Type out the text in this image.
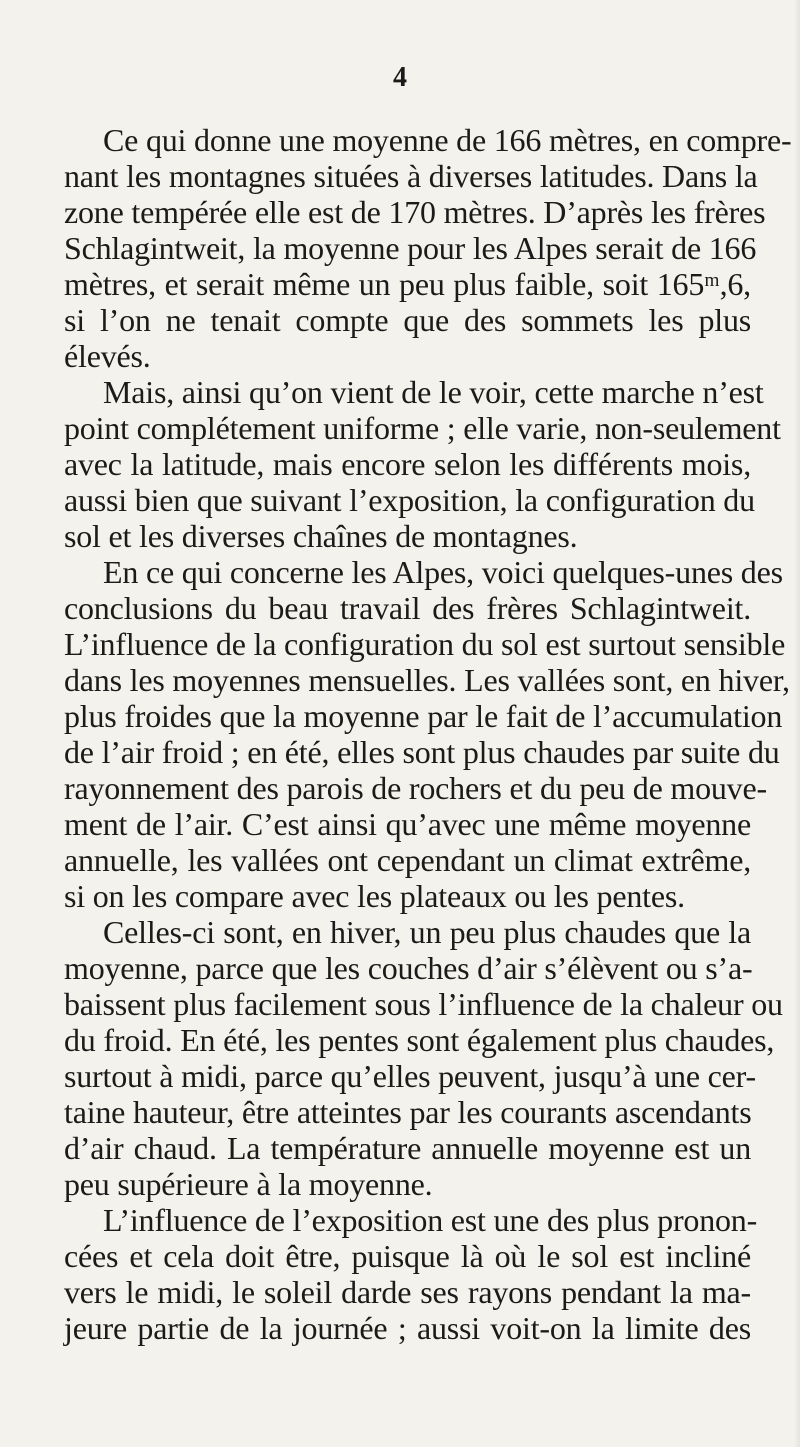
4
Ce qui donne une moyenne de 166 mètres, en compre-
nant les montagnes situées à diverses latitudes. Dans la
zone tempérée elle est de 170 mètres. D’après les frères
Schlagintweit, la moyenne pour les Alpes serait de 166
mètres, et serait même un peu plus faible, soit 165ᵐ,6,
si l’on ne tenait compte que des sommets les plus
élevés.
Mais, ainsi qu’on vient de le voir, cette marche n’est
point complétement uniforme ; elle varie, non-seulement
avec la latitude, mais encore selon les différents mois,
aussi bien que suivant l’exposition, la configuration du
sol et les diverses chaînes de montagnes.
En ce qui concerne les Alpes, voici quelques-unes des
conclusions du beau travail des frères Schlagintweit.
L’influence de la configuration du sol est surtout sensible
dans les moyennes mensuelles. Les vallées sont, en hiver,
plus froides que la moyenne par le fait de l’accumulation
de l’air froid ; en été, elles sont plus chaudes par suite du
rayonnement des parois de rochers et du peu de mouve-
ment de l’air. C’est ainsi qu’avec une même moyenne
annuelle, les vallées ont cependant un climat extrême,
si on les compare avec les plateaux ou les pentes.
Celles-ci sont, en hiver, un peu plus chaudes que la
moyenne, parce que les couches d’air s’élèvent ou s’a-
baissent plus facilement sous l’influence de la chaleur ou
du froid. En été, les pentes sont également plus chaudes,
surtout à midi, parce qu’elles peuvent, jusqu’à une cer-
taine hauteur, être atteintes par les courants ascendants
d’air chaud. La température annuelle moyenne est un
peu supérieure à la moyenne.
L’influence de l’exposition est une des plus pronon-
cées et cela doit être, puisque là où le sol est incliné
vers le midi, le soleil darde ses rayons pendant la ma-
jeure partie de la journée ; aussi voit-on la limite des
